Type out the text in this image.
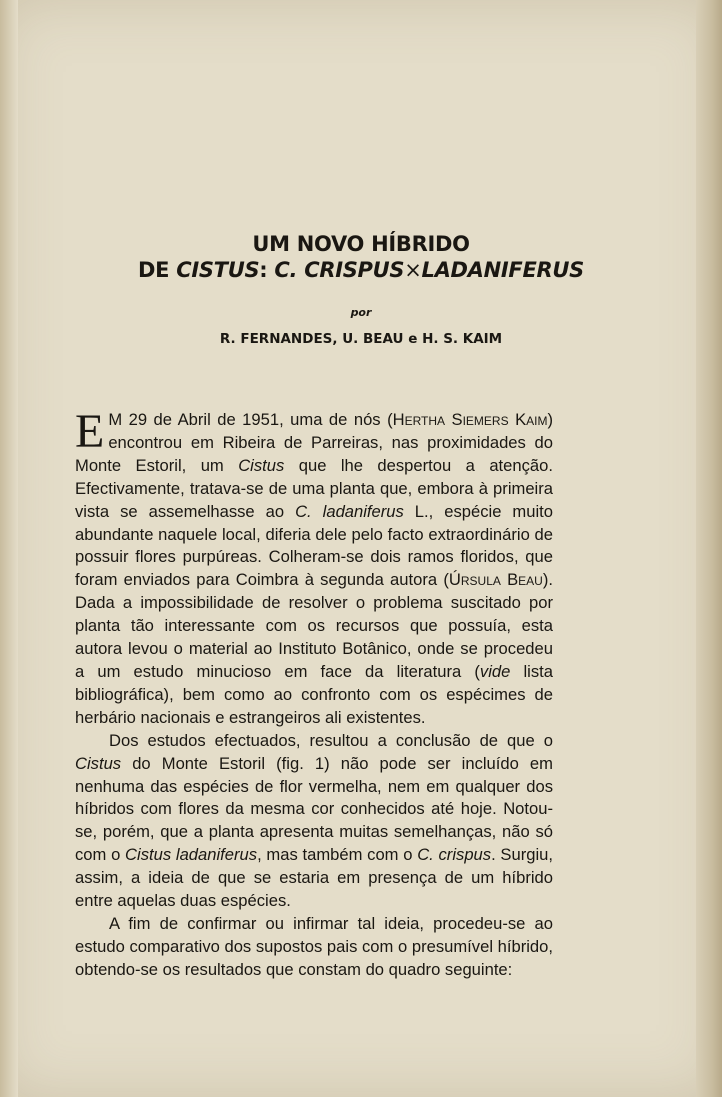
UM NOVO HÍBRIDO
DE CISTUS: C. CRISPUS×LADANIFERUS
por
R. FERNANDES, U. BEAU e H. S. KAIM

E M 29 de Abril de 1951, uma de nós (Hertha Siemers Kaim) encontrou em Ribeira de Parreiras, nas proximidades do Monte Estoril, um Cistus que lhe despertou a atenção. Efectivamente, tratava-se de uma planta que, embora à primeira vista se assemelhasse ao C. ladaniferus L., espécie muito abundante naquele local, diferia dele pelo facto extraordinário de possuir flores purpúreas. Colheram-se dois ramos floridos, que foram enviados para Coimbra à segunda autora (Úrsula Beau). Dada a impossibilidade de resolver o problema suscitado por planta tão interessante com os recursos que possuía, esta autora levou o material ao Instituto Botânico, onde se procedeu a um estudo minucioso em face da literatura (vide lista bibliográfica), bem como ao confronto com os espécimes de herbário nacionais e estrangeiros ali existentes.

Dos estudos efectuados, resultou a conclusão de que o Cistus do Monte Estoril (fig. 1) não pode ser incluído em nenhuma das espécies de flor vermelha, nem em qualquer dos híbridos com flores da mesma cor conhecidos até hoje. Notou-se, porém, que a planta apresenta muitas semelhanças, não só com o Cistus ladaniferus, mas também com o C. crispus. Surgiu, assim, a ideia de que se estaria em presença de um híbrido entre aquelas duas espécies.

A fim de confirmar ou infirmar tal ideia, procedeu-se ao estudo comparativo dos supostos pais com o presumível híbrido, obtendo-se os resultados que constam do quadro seguinte:
